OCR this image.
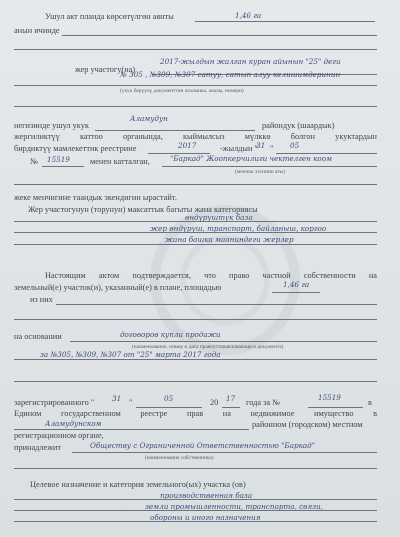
Ушул акт планда көрсөтүлгөн аянты	1,46 га
анын ичинде
жер участогу(на)
2017-жылдын жалган куран айынын "25" деги
№ 305 , №309, №307 сатуу, сатып алуу келишимдеринин
(укук берүүчү документтин аталышы, жылы, номери)
негизинде ушул укук
Аламудун
райондук (шаардык)
жергиликтүү каттоо органында, кыймылсыз мүлккө болгон укуктардын
бирдиктүү мамлекеттик реестрине	2017	-жылдын "
31 " 05
№ 15519 менен катталган,	"Баркад" Жоопкерчилиги чектелген коом
(менчик ээсинин аты)
жеке менчигине таандык экендигин ырастайт.
Жер участогунун (торунун) максаттык багыты жана категориясы
өндүрүштүк база
жер өндүрүш, транспорт, байланыш, коргоо
жана башка мааниндеги жерлер
Настоящим актом подтверждается, что право частной собственности на
земельный(е) участок(и), указанный(е) в плане, площадью	1,46 га
из них
на основании	договоров купли продажи
(наименование, номер и дата правоустанавливающего документа)
за №305, №309, №307 от "25" марта 2017 года
зарегистрированного " 31 "	05	20 17 года за №
15519
в
Едином государственном реестре прав на недвижимое имущество в
Аламудунском	районном (городском) местном
регистрационном органе,
принадлежит	Обществу с Ограниченной Ответственностью "Баркад"
(наименование собственника)
Целевое назначение и категория земельного(ых) участка (ов)
производственная база
земли промышленности, транспорта, связи,
обороны и иного назначения
